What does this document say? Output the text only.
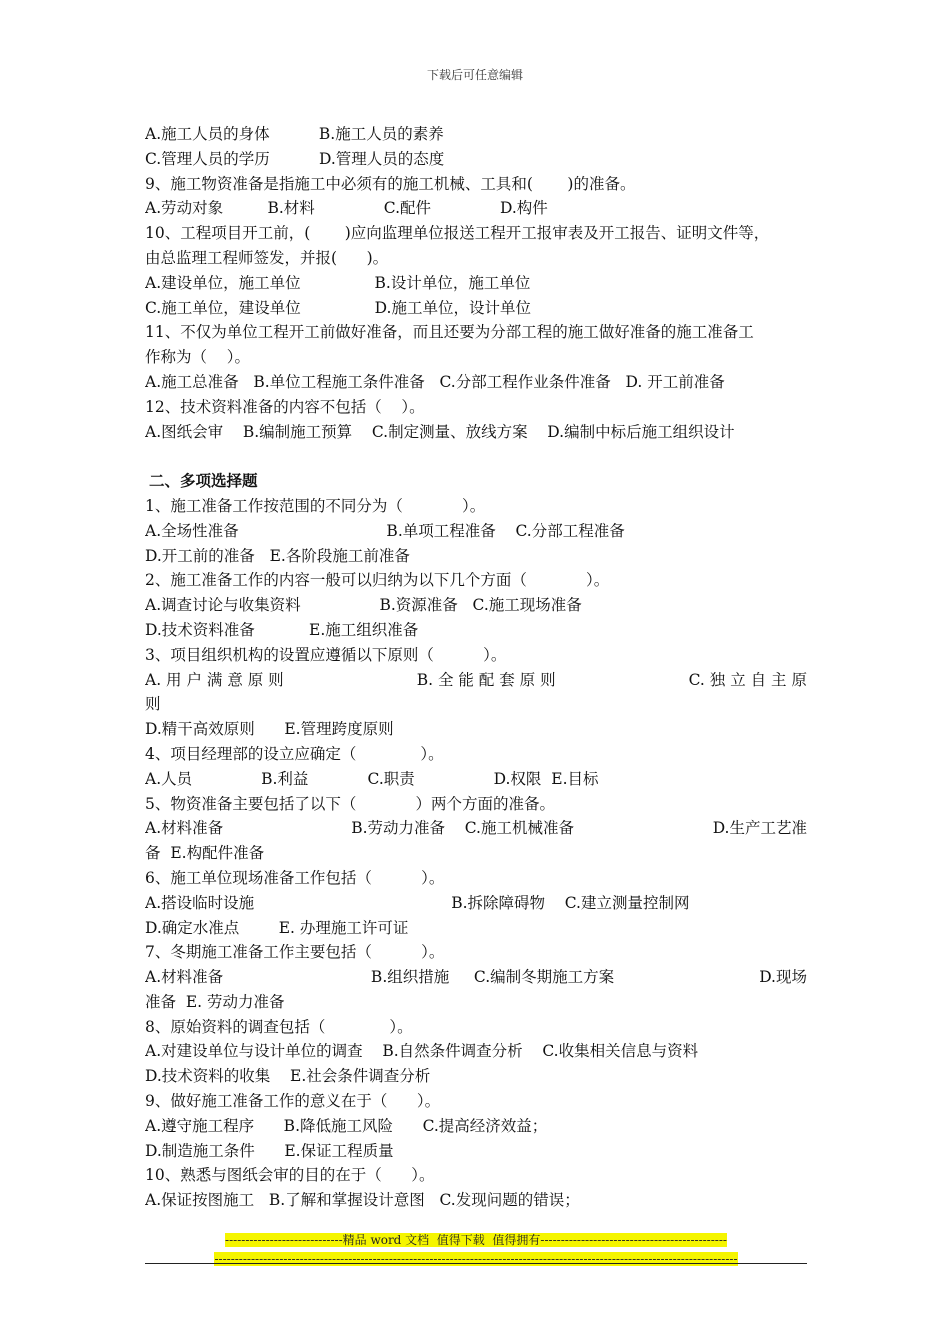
下载后可任意编辑
A.施工人员的身体          B.施工人员的素养
C.管理人员的学历          D.管理人员的态度
9、施工物资准备是指施工中必须有的施工机械、工具和(       )的准备。
A.劳动对象         B.材料              C.配件              D.构件
10、工程项目开工前，(       )应向监理单位报送工程开工报审表及开工报告、证明文件等，
由总监理工程师签发，并报(      )。
A.建设单位，施工单位               B.设计单位，施工单位
C.施工单位，建设单位               D.施工单位，设计单位
11、不仅为单位工程开工前做好准备，而且还要为分部工程的施工做好准备的施工准备工
作称为（    ）。
A.施工总准备   B.单位工程施工条件准备   C.分部工程作业条件准备   D. 开工前准备
12、技术资料准备的内容不包括（    ）。
A.图纸会审    B.编制施工预算    C.制定测量、放线方案    D.编制中标后施工组织设计
二、多项选择题
1、施工准备工作按范围的不同分为（            ）。
A.全场性准备                              B.单项工程准备    C.分部工程准备
D.开工前的准备   E.各阶段施工前准备
2、施工准备工作的内容一般可以归纳为以下几个方面（            ）。
A.调查讨论与收集资料                B.资源准备   C.施工现场准备
D.技术资料准备           E.施工组织准备
3、项目组织机构的设置应遵循以下原则（          ）。
A. 用 户 满 意 原 则	B. 全 能 配 套 原 则	C. 独 立 自 主 原
则
D.精干高效原则      E.管理跨度原则
4、项目经理部的设立应确定（             ）。
A.人员              B.利益            C.职责                D.权限  E.目标
5、物资准备主要包括了以下（            ）两个方面的准备。
A.材料准备                          B.劳动力准备    C.施工机械准备	D.生产工艺准
备  E.构配件准备
6、施工单位现场准备工作包括（          ）。
A.搭设临时设施                                        B.拆除障碍物    C.建立测量控制网
D.确定水准点        E. 办理施工许可证
7、冬期施工准备工作主要包括（          ）。
A.材料准备                              B.组织措施     C.编制冬期施工方案	D.现场
准备  E. 劳动力准备
8、原始资料的调查包括（             ）。
A.对建设单位与设计单位的调查    B.自然条件调查分析    C.收集相关信息与资料
D.技术资料的收集    E.社会条件调查分析
9、做好施工准备工作的意义在于（      ）。
A.遵守施工程序      B.降低施工风险      C.提高经济效益；
D.制造施工条件      E.保证工程质量
10、熟悉与图纸会审的目的在于（      ）。
A.保证按图施工   B.了解和掌握设计意图   C.发现问题的错误；
-----------------------------精品 word 文档  值得下载  值得拥有----------------------------------------------
---------------------------------------------------------------------------------------------------------------------------------
